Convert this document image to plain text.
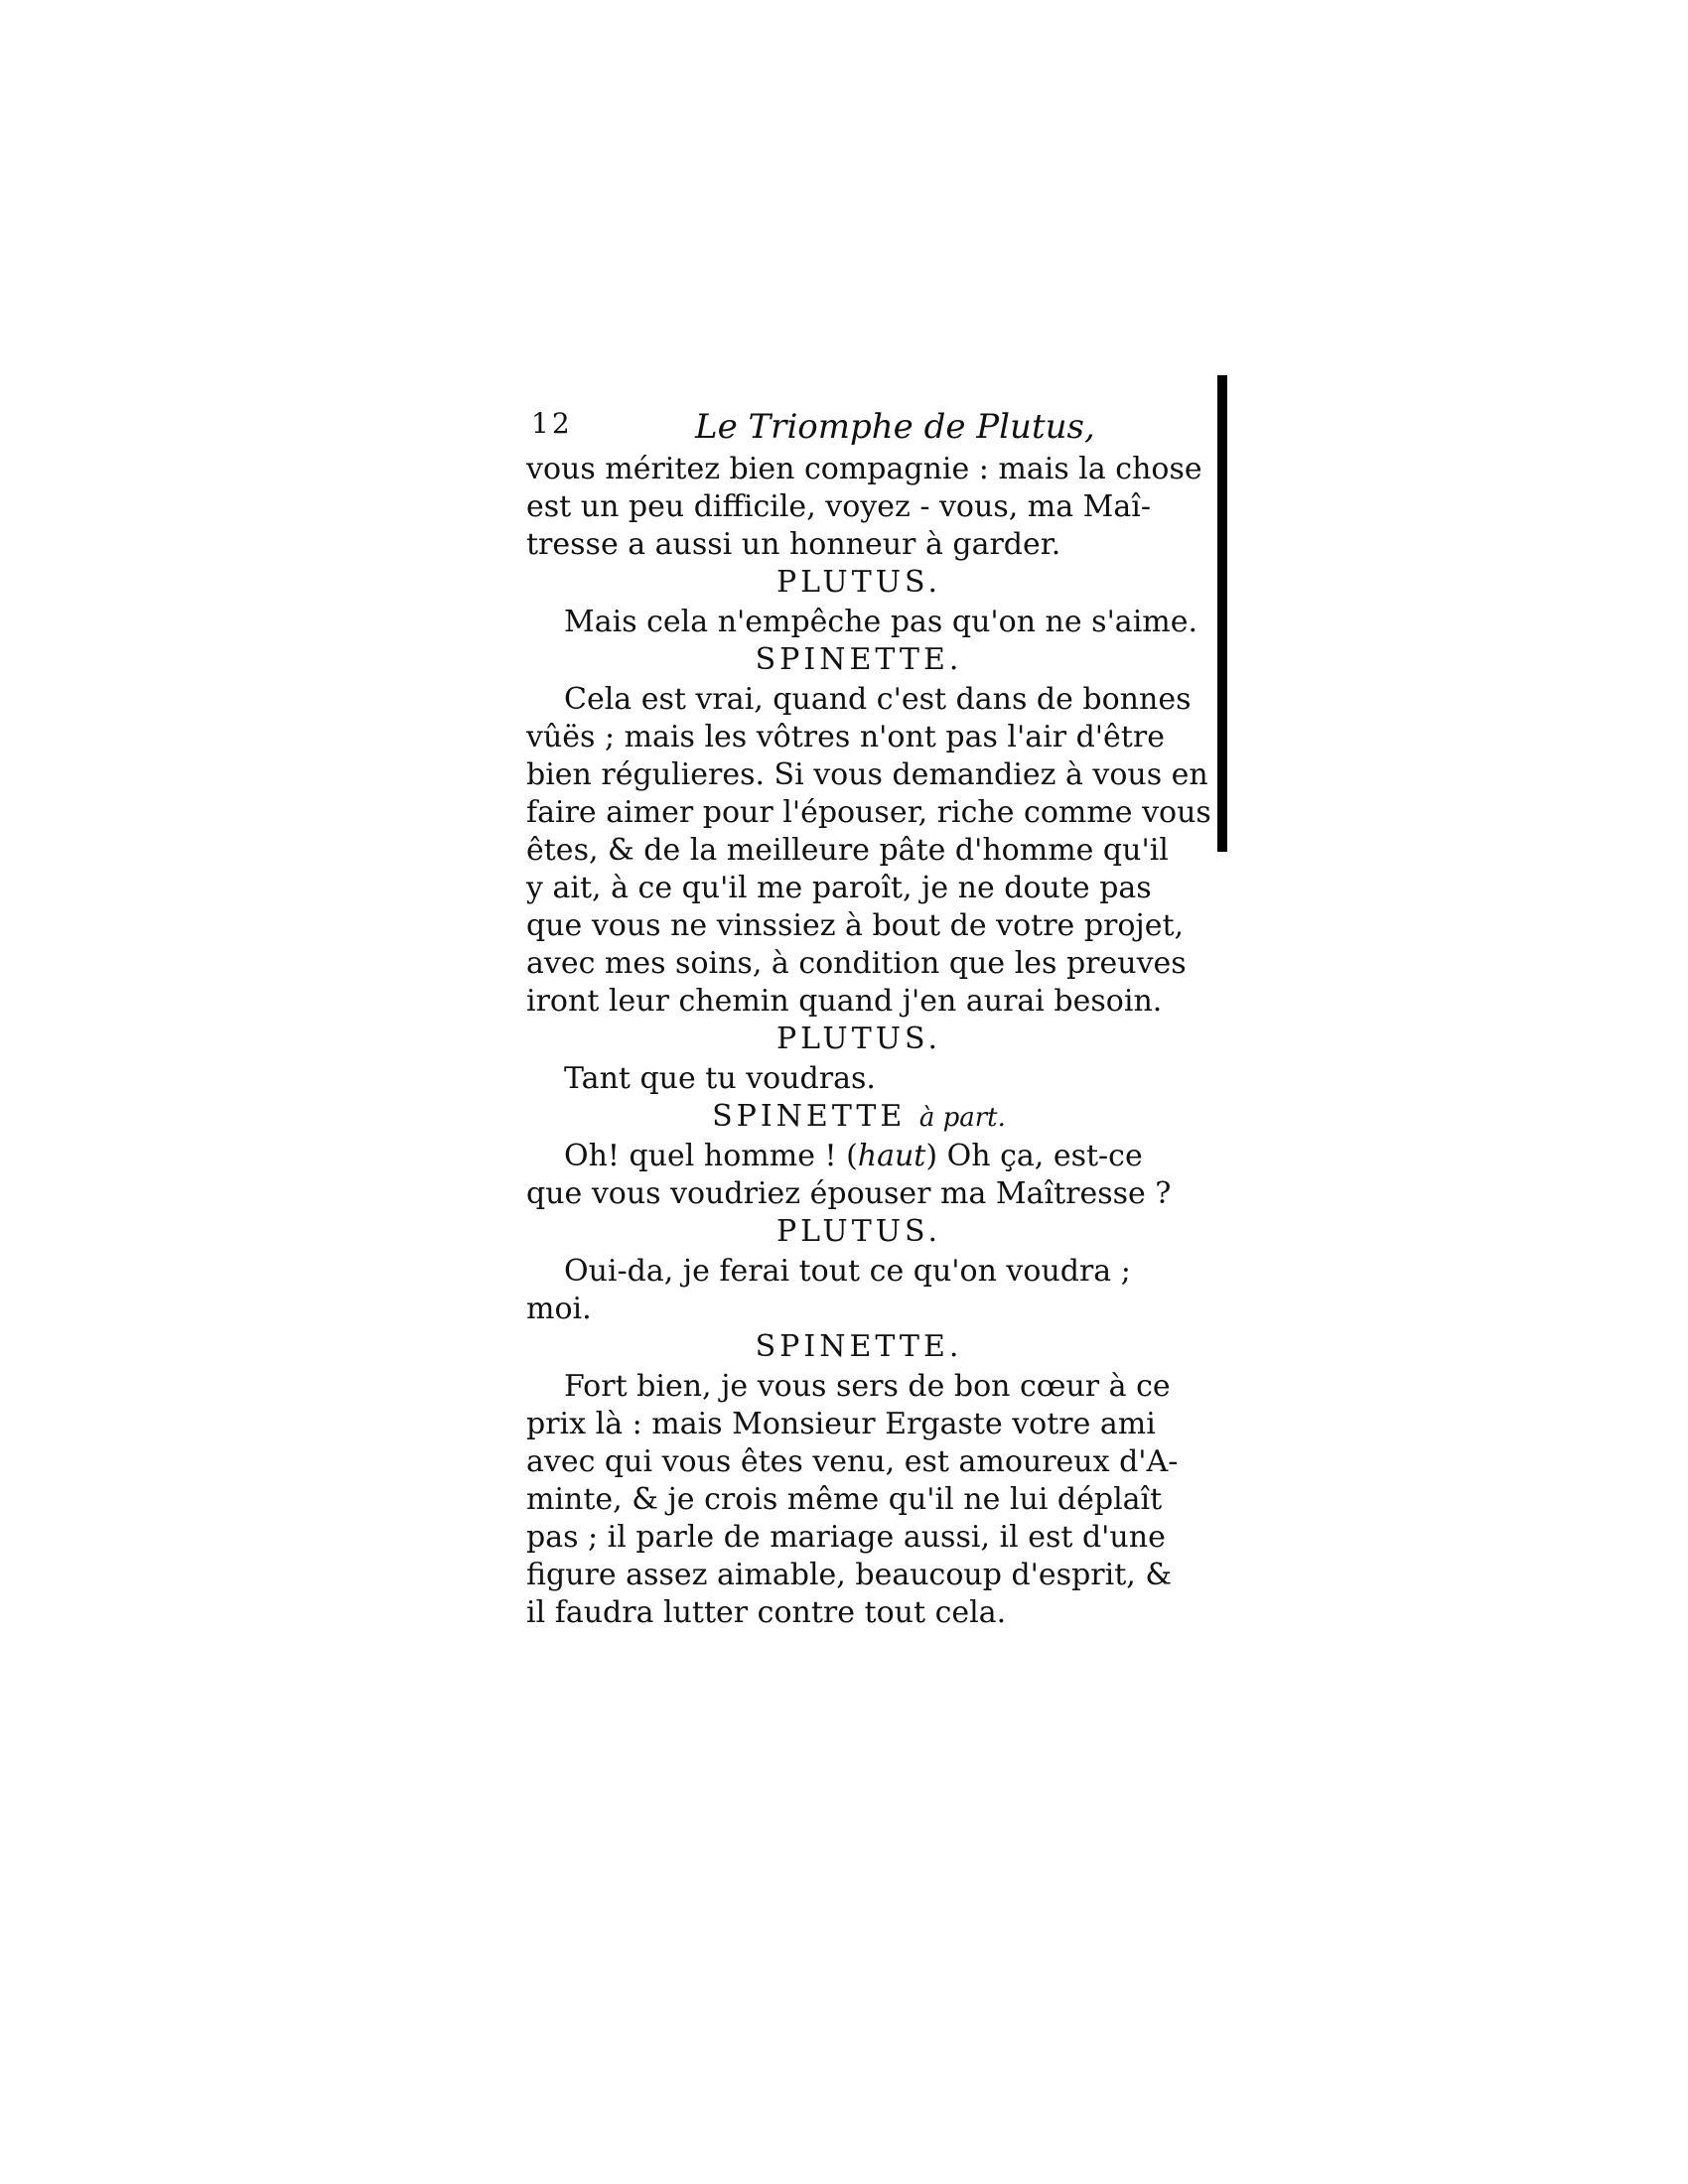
12	Le Triomphe de Plutus,
vous méritez bien compagnie : mais la chose
est un peu difficile, voyez - vous, ma Maî-
tresse a aussi un honneur à garder.
PLUTUS.
Mais cela n'empêche pas qu'on ne s'aime.
SPINETTE.
Cela est vrai, quand c'est dans de bonnes
vûës ; mais les vôtres n'ont pas l'air d'être
bien régulieres. Si vous demandiez à vous en
faire aimer pour l'épouser, riche comme vous
êtes, & de la meilleure pâte d'homme qu'il
y ait, à ce qu'il me paroît, je ne doute pas
que vous ne vinssiez à bout de votre projet,
avec mes soins, à condition que les preuves
iront leur chemin quand j'en aurai besoin.
PLUTUS.
Tant que tu voudras.
SPINETTE à part.
Oh! quel homme ! (haut) Oh ça, est-ce
que vous voudriez épouser ma Maîtresse ?
PLUTUS.
Oui-da, je ferai tout ce qu'on voudra ;
moi.
SPINETTE.
Fort bien, je vous sers de bon cœur à ce
prix là : mais Monsieur Ergaste votre ami
avec qui vous êtes venu, est amoureux d'A-
minte, & je crois même qu'il ne lui déplaît
pas ; il parle de mariage aussi, il est d'une
figure assez aimable, beaucoup d'esprit, &
il faudra lutter contre tout cela.
